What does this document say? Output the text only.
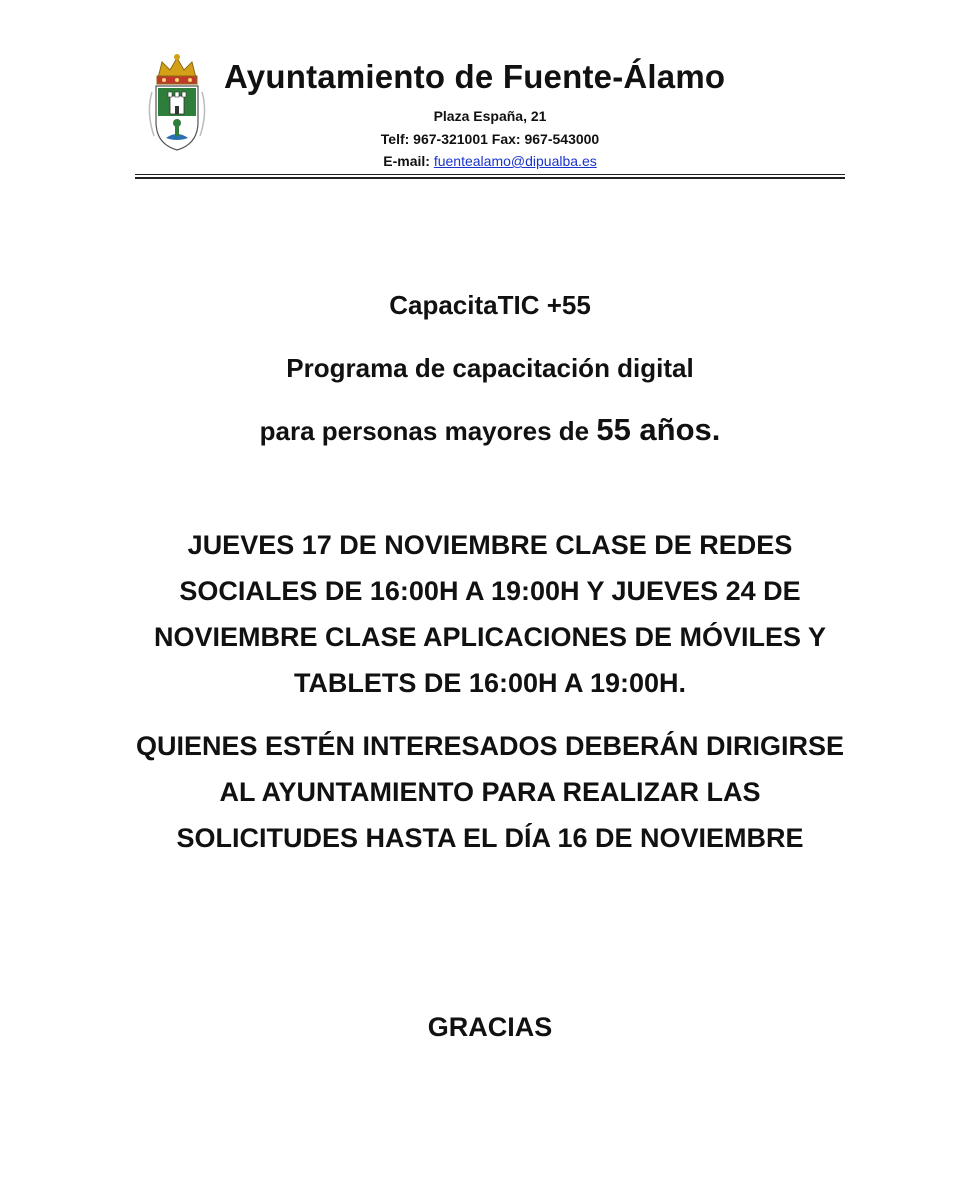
Ayuntamiento de Fuente-Álamo
Plaza España, 21
Telf: 967-321001 Fax: 967-543000
E-mail: fuentealamo@dipualba.es
CapacitaTIC +55
Programa de capacitación digital
para personas mayores de 55 años.
JUEVES 17 DE NOVIEMBRE CLASE DE REDES
SOCIALES DE 16:00H A 19:00H Y JUEVES 24 DE
NOVIEMBRE CLASE APLICACIONES DE MÓVILES Y
TABLETS DE 16:00H A 19:00H.
QUIENES ESTÉN INTERESADOS DEBERÁN DIRIGIRSE
AL AYUNTAMIENTO PARA REALIZAR LAS
SOLICITUDES HASTA EL DÍA 16 DE NOVIEMBRE
GRACIAS
